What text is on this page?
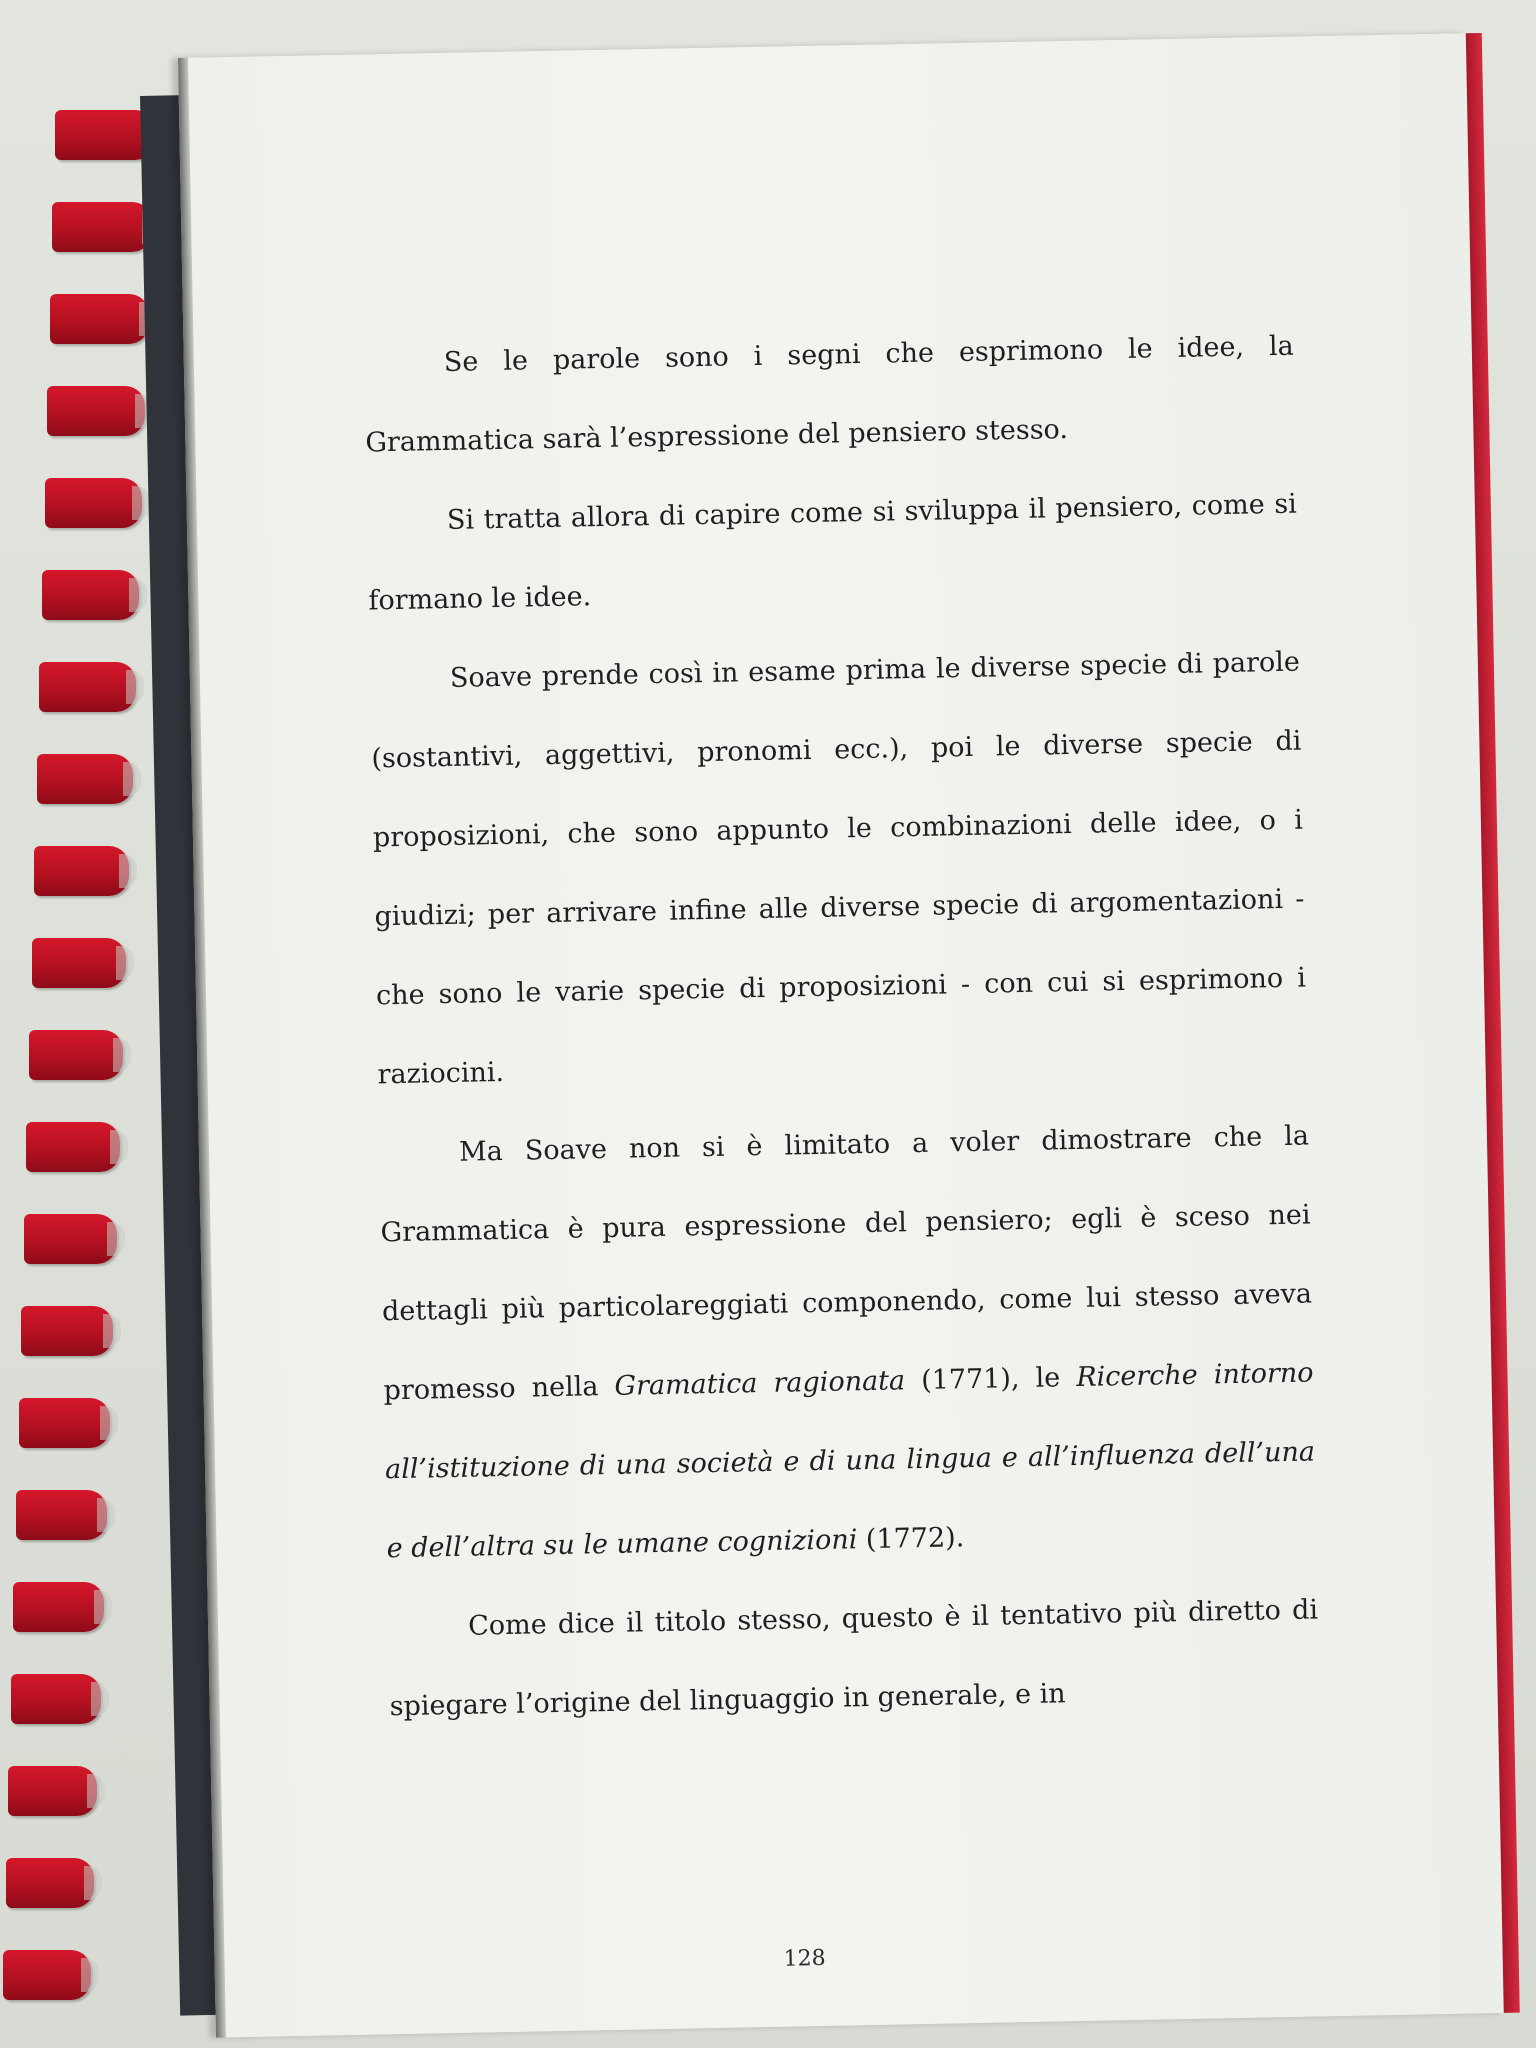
Se le parole sono i segni che esprimono le idee, la Grammatica sarà l’espressione del pensiero stesso.

Si tratta allora di capire come si sviluppa il pensiero, come si formano le idee.

Soave prende così in esame prima le diverse specie di parole (sostantivi, aggettivi, pronomi ecc.), poi le diverse specie di proposizioni, che sono appunto le combinazioni delle idee, o i giudizi; per arrivare infine alle diverse specie di argomentazioni - che sono le varie specie di proposizioni - con cui si esprimono i raziocini.

Ma Soave non si è limitato a voler dimostrare che la Grammatica è pura espressione del pensiero; egli è sceso nei dettagli più particolareggiati componendo, come lui stesso aveva promesso nella Gramatica ragionata (1771), le Ricerche intorno all’istituzione di una società e di una lingua e all’influenza dell’una e dell’altra su le umane cognizioni (1772).

Come dice il titolo stesso, questo è il tentativo più diretto di spiegare l’origine del linguaggio in generale, e in

128
